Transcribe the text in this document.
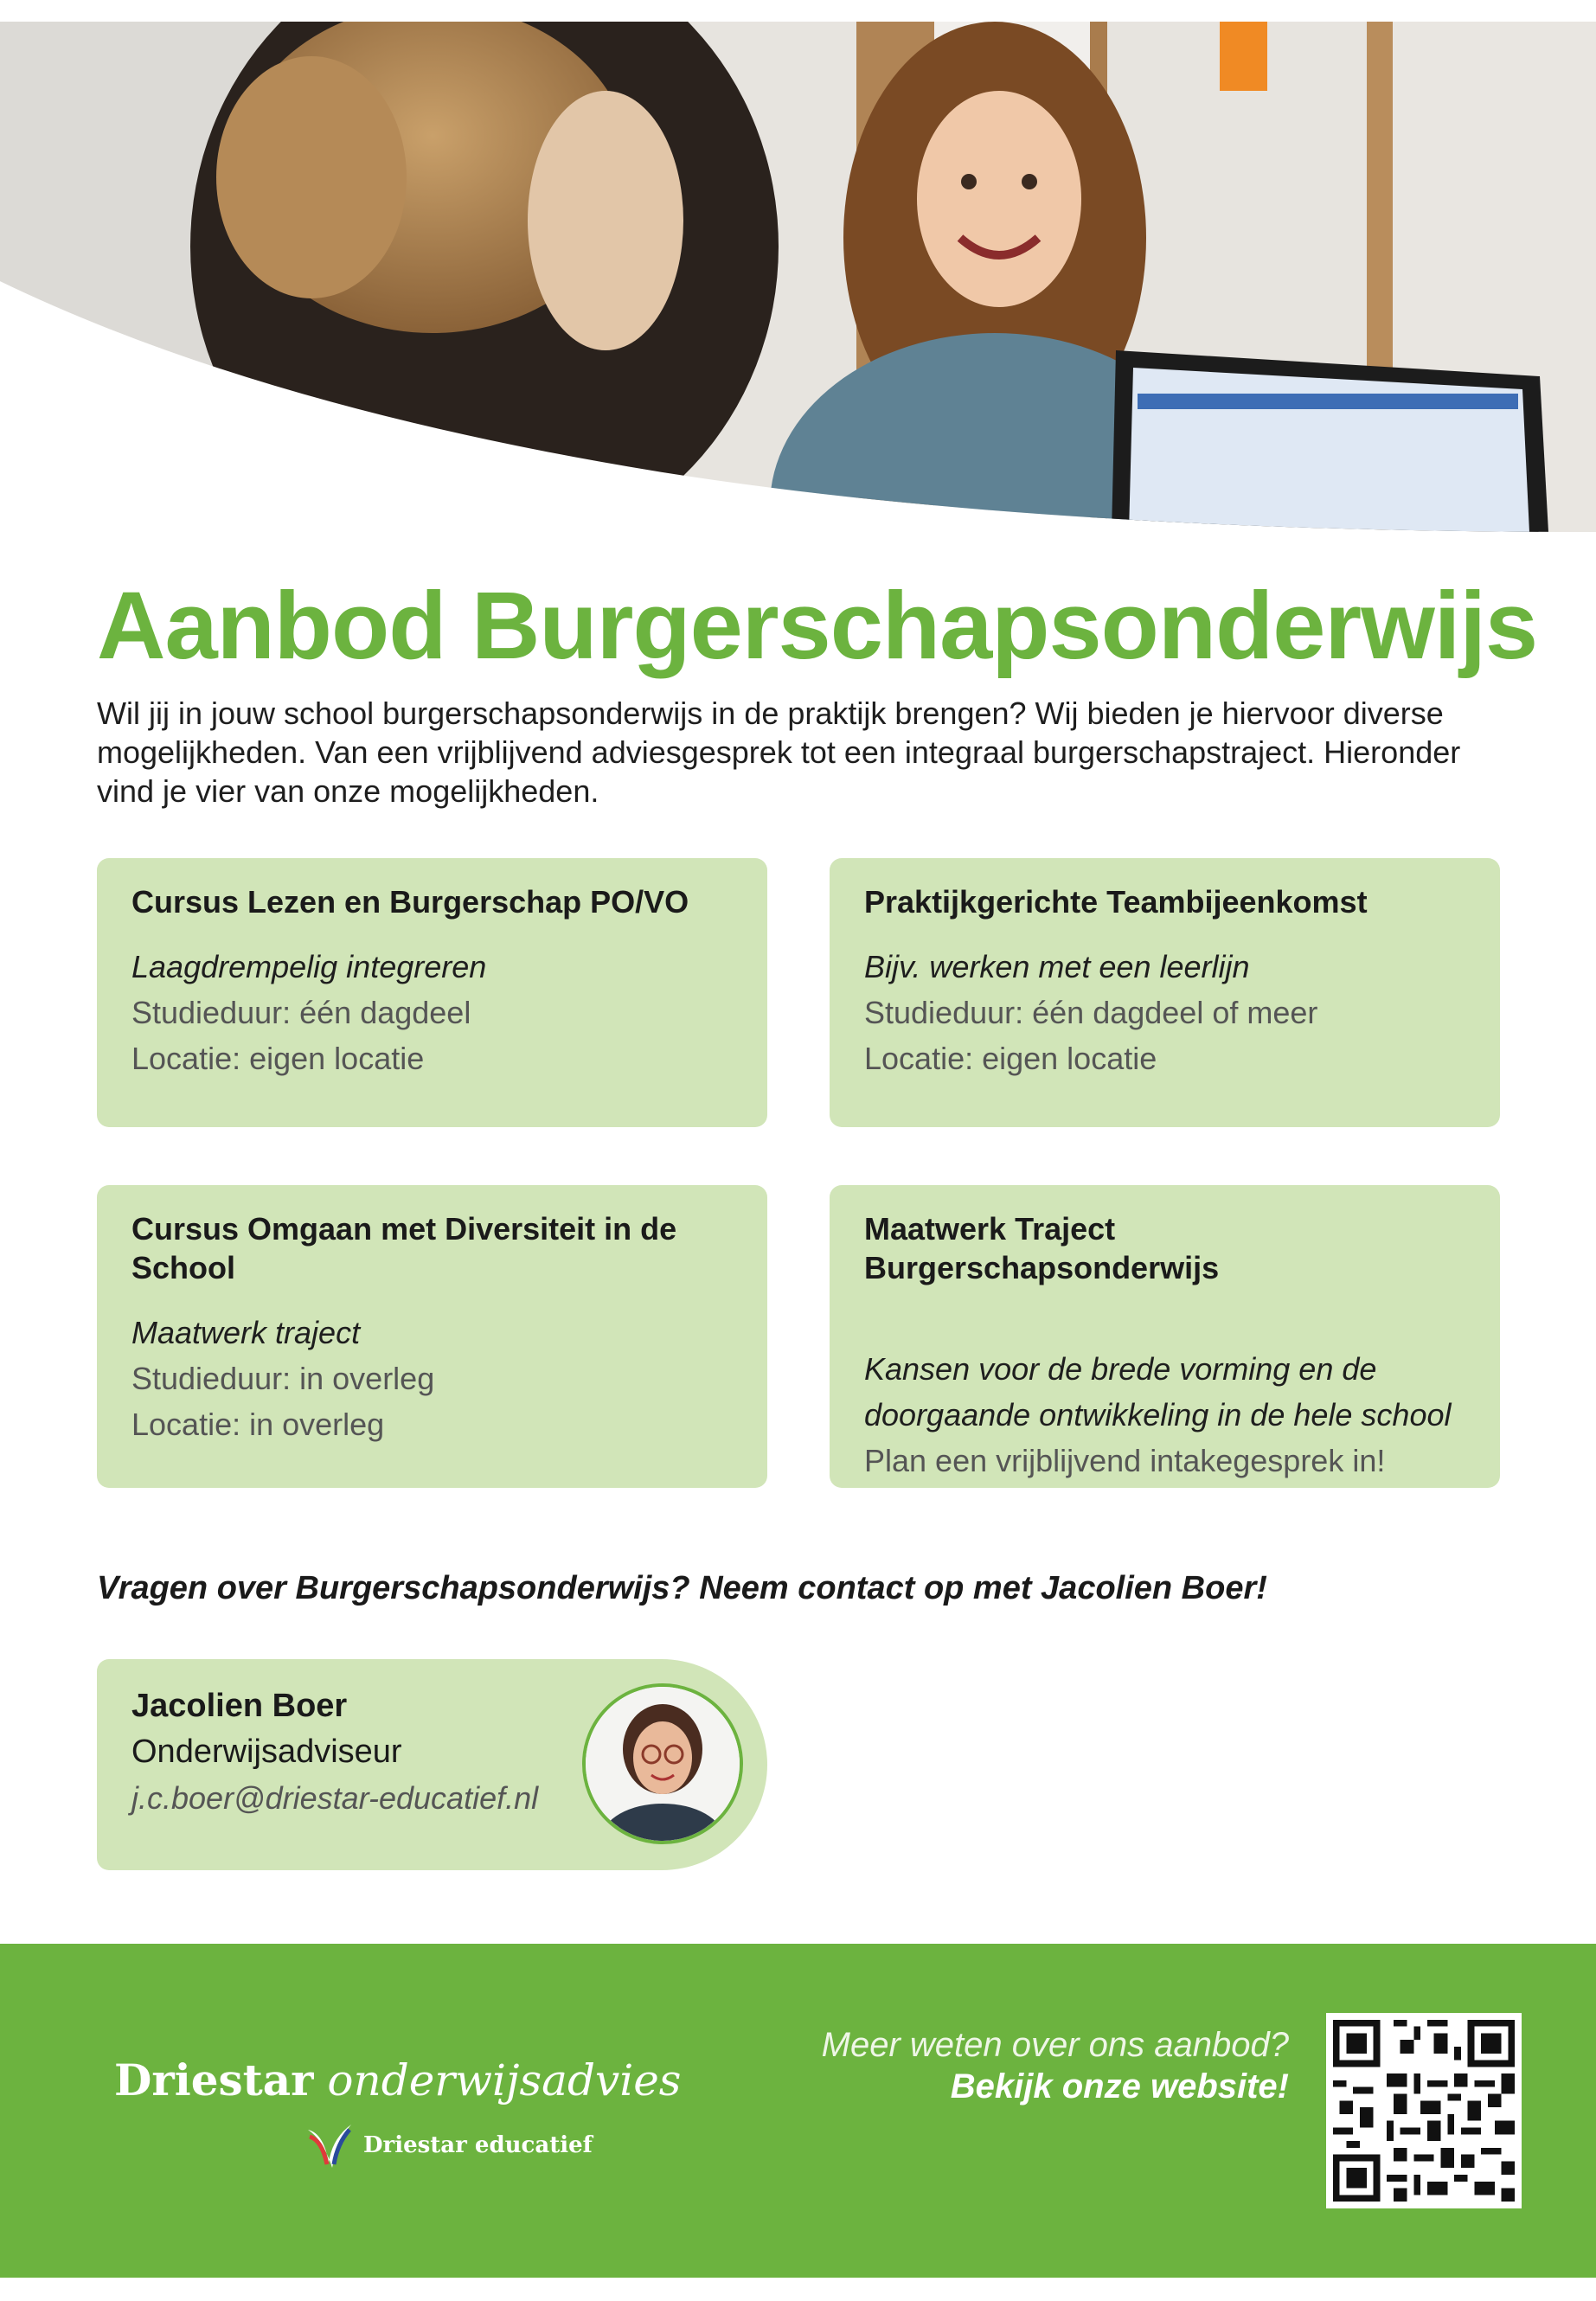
Aanbod Burgerschapsonderwijs

Wil jij in jouw school burgerschapsonderwijs in de praktijk brengen? Wij bieden je hiervoor diverse mogelijkheden. Van een vrijblijvend adviesgesprek tot een integraal burgerschapstraject. Hieronder vind je vier van onze mogelijkheden.

Cursus Lezen en Burgerschap PO/VO
Laagdrempelig integreren
Studieduur: één dagdeel
Locatie: eigen locatie
Praktijkgerichte Teambijeenkomst
Bijv. werken met een leerlijn
Studieduur: één dagdeel of meer
Locatie: eigen locatie
Cursus Omgaan met Diversiteit in de School
Maatwerk traject
Studieduur: in overleg
Locatie: in overleg
Maatwerk Traject Burgerschapsonderwijs
Kansen voor de brede vorming en de
doorgaande ontwikkeling in de hele school
Plan een vrijblijvend intakegesprek in!

Vragen over Burgerschapsonderwijs? Neem contact op met Jacolien Boer!

Jacolien Boer
Onderwijsadviseur
j.c.boer@driestar-educatief.nl
Driestar onderwijsadvies
Driestar educatief
Meer weten over ons aanbod?
Bekijk onze website!
